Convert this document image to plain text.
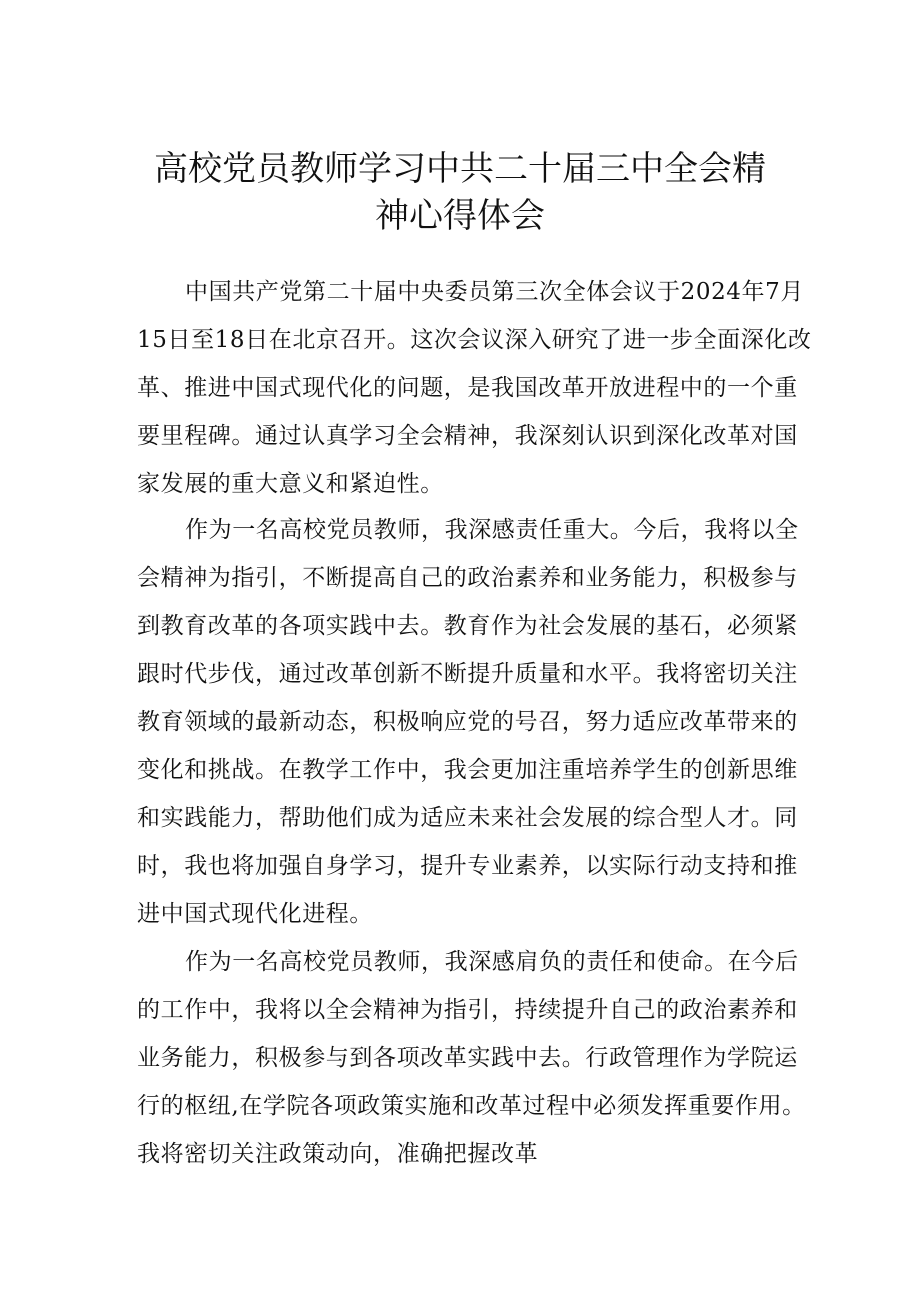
高校党员教师学习中共二十届三中全会精
神心得体会
中国共产党第二十届中央委员第三次全体会议于2024年7月
15日至18日在北京召开。这次会议深入研究了进一步全面深化改
革、推进中国式现代化的问题，是我国改革开放进程中的一个重
要里程碑。通过认真学习全会精神，我深刻认识到深化改革对国
家发展的重大意义和紧迫性。
作为一名高校党员教师，我深感责任重大。今后，我将以全
会精神为指引，不断提高自己的政治素养和业务能力，积极参与
到教育改革的各项实践中去。教育作为社会发展的基石，必须紧
跟时代步伐，通过改革创新不断提升质量和水平。我将密切关注
教育领域的最新动态，积极响应党的号召，努力适应改革带来的
变化和挑战。在教学工作中，我会更加注重培养学生的创新思维
和实践能力，帮助他们成为适应未来社会发展的综合型人才。同
时，我也将加强自身学习，提升专业素养，以实际行动支持和推
进中国式现代化进程。
作为一名高校党员教师，我深感肩负的责任和使命。在今后
的工作中，我将以全会精神为指引，持续提升自己的政治素养和
业务能力，积极参与到各项改革实践中去。行政管理作为学院运
行的枢纽,在学院各项政策实施和改革过程中必须发挥重要作用。
我将密切关注政策动向，准确把握改革
